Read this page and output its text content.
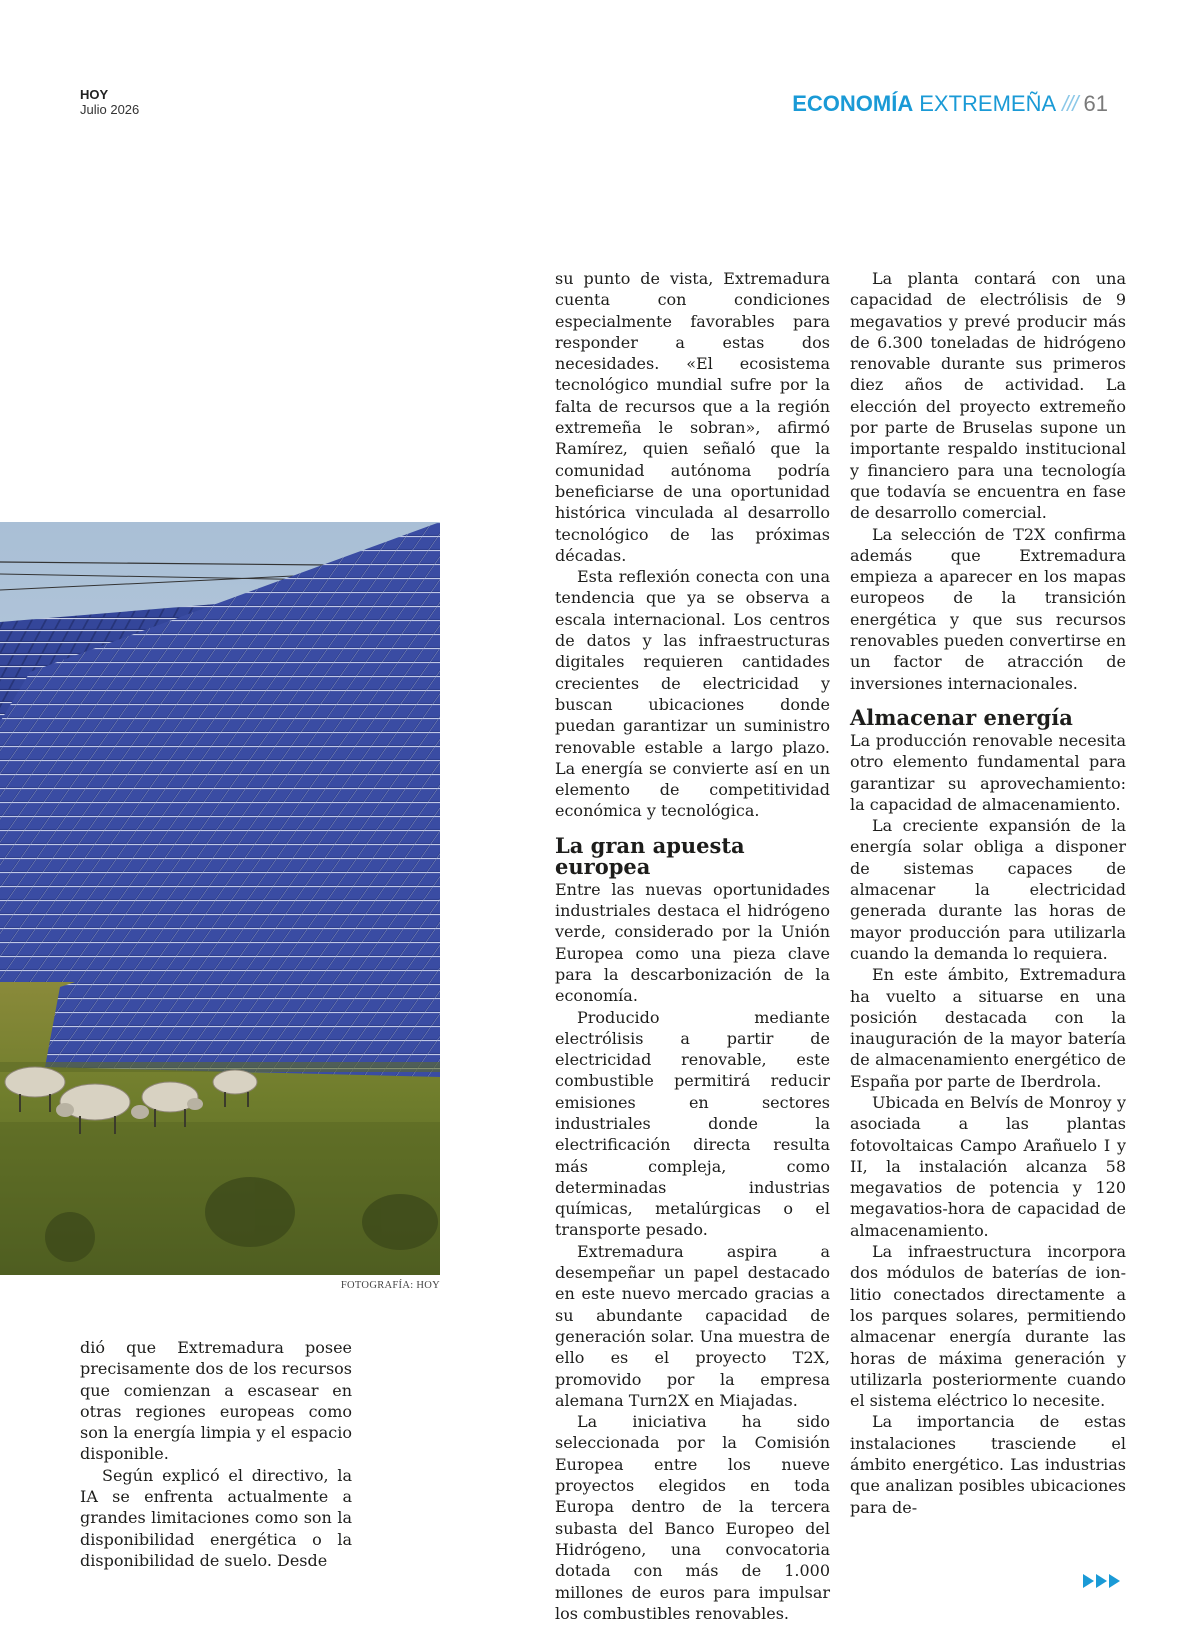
HOY
Julio 2026	ECONOMÍA EXTREMEÑA /// 61
FOTOGRAFÍA: HOY

dió que Extremadura posee precisamente dos de los recursos que comienzan a escasear en otras regiones europeas como son la energía limpia y el espacio disponible.

Según explicó el directivo, la IA se enfrenta actualmente a grandes limitaciones como son la disponibilidad energética o la disponibilidad de suelo. Desde

su punto de vista, Extremadura cuenta con condiciones especialmente favorables para responder a estas dos necesidades. «El ecosistema tecnológico mundial sufre por la falta de recursos que a la región extremeña le sobran», afirmó Ramírez, quien señaló que la comunidad autónoma podría beneficiarse de una oportunidad histórica vinculada al desarrollo tecnológico de las próximas décadas.

Esta reflexión conecta con una tendencia que ya se observa a escala internacional. Los centros de datos y las infraestructuras digitales requieren cantidades crecientes de electricidad y buscan ubicaciones donde puedan garantizar un suministro renovable estable a largo plazo. La energía se convierte así en un elemento de competitividad económica y tecnológica.

La gran apuesta europea

Entre las nuevas oportunidades industriales destaca el hidrógeno verde, considerado por la Unión Europea como una pieza clave para la descarbonización de la economía.

Producido mediante electrólisis a partir de electricidad renovable, este combustible permitirá reducir emisiones en sectores industriales donde la electrificación directa resulta más compleja, como determinadas industrias químicas, metalúrgicas o el transporte pesado.

Extremadura aspira a desempeñar un papel destacado en este nuevo mercado gracias a su abundante capacidad de generación solar. Una muestra de ello es el proyecto T2X, promovido por la empresa alemana Turn2X en Miajadas.

La iniciativa ha sido seleccionada por la Comisión Europea entre los nueve proyectos elegidos en toda Europa dentro de la tercera subasta del Banco Europeo del Hidrógeno, una convocatoria dotada con más de 1.000 millones de euros para impulsar los combustibles renovables.

La planta contará con una capacidad de electrólisis de 9 megavatios y prevé producir más de 6.300 toneladas de hidrógeno renovable durante sus primeros diez años de actividad. La elección del proyecto extremeño por parte de Bruselas supone un importante respaldo institucional y financiero para una tecnología que todavía se encuentra en fase de desarrollo comercial.

La selección de T2X confirma además que Extremadura empieza a aparecer en los mapas europeos de la transición energética y que sus recursos renovables pueden convertirse en un factor de atracción de inversiones internacionales.

Almacenar energía

La producción renovable necesita otro elemento fundamental para garantizar su aprovechamiento: la capacidad de almacenamiento.

La creciente expansión de la energía solar obliga a disponer de sistemas capaces de almacenar la electricidad generada durante las horas de mayor producción para utilizarla cuando la demanda lo requiera.

En este ámbito, Extremadura ha vuelto a situarse en una posición destacada con la inauguración de la mayor batería de almacenamiento energético de España por parte de Iberdrola.

Ubicada en Belvís de Monroy y asociada a las plantas fotovoltaicas Campo Arañuelo I y II, la instalación alcanza 58 megavatios de potencia y 120 megavatios-hora de capacidad de almacenamiento.

La infraestructura incorpora dos módulos de baterías de ion-litio conectados directamente a los parques solares, permitiendo almacenar energía durante las horas de máxima generación y utilizarla posteriormente cuando el sistema eléctrico lo necesite.

La importancia de estas instalaciones trasciende el ámbito energético. Las industrias que analizan posibles ubicaciones para de-
